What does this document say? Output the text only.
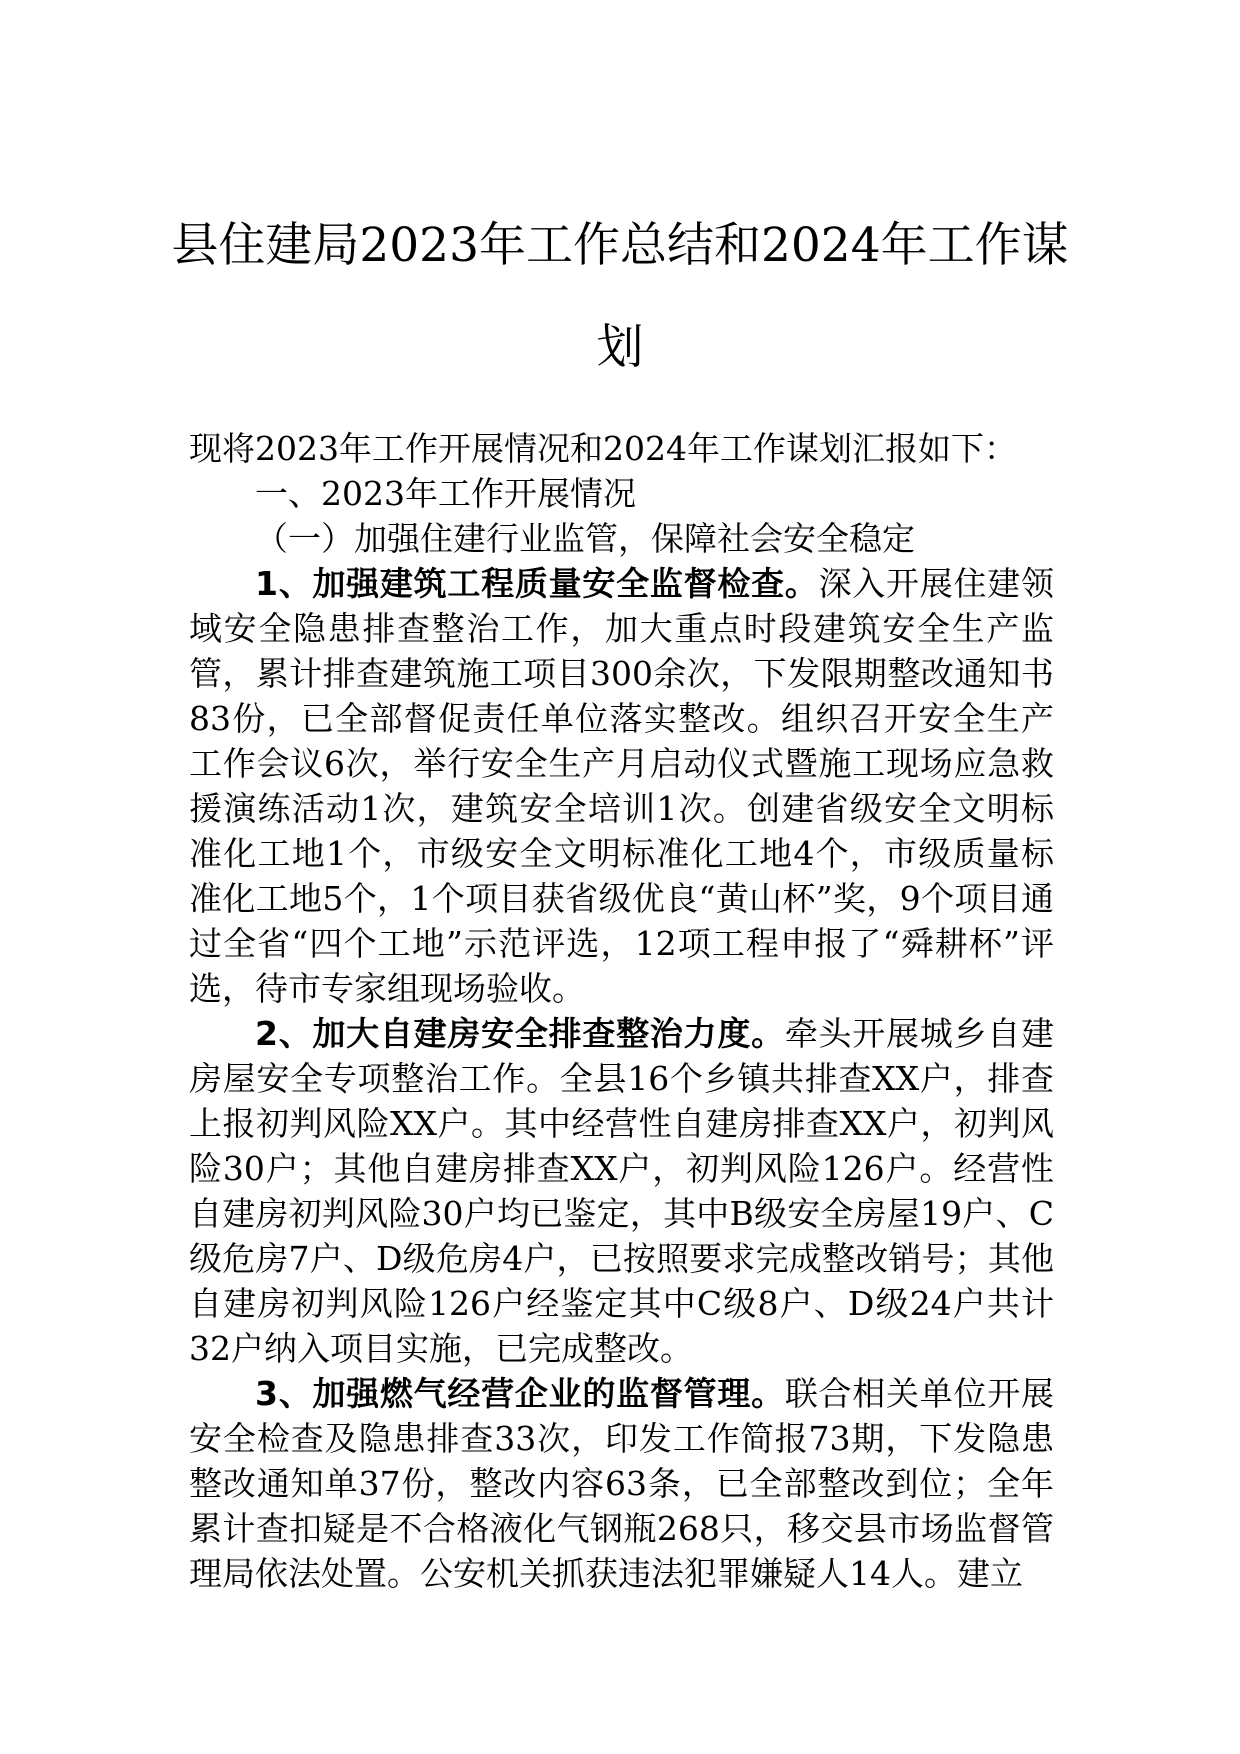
县住建局2023年工作总结和2024年工作谋划

现将2023年工作开展情况和2024年工作谋划汇报如下：

一、2023年工作开展情况

（一）加强住建行业监管，保障社会安全稳定

1、加强建筑工程质量安全监督检查。深入开展住建领域安全隐患排查整治工作，加大重点时段建筑安全生产监管，累计排查建筑施工项目300余次，下发限期整改通知书83份，已全部督促责任单位落实整改。组织召开安全生产工作会议6次，举行安全生产月启动仪式暨施工现场应急救援演练活动1次，建筑安全培训1次。创建省级安全文明标准化工地1个，市级安全文明标准化工地4个，市级质量标准化工地5个，1个项目获省级优良“黄山杯”奖，9个项目通过全省“四个工地”示范评选，12项工程申报了“舜耕杯”评选，待市专家组现场验收。

2、加大自建房安全排查整治力度。牵头开展城乡自建房屋安全专项整治工作。全县16个乡镇共排查XX户，排查上报初判风险XX户。其中经营性自建房排查XX户，初判风险30户；其他自建房排查XX户，初判风险126户。经营性自建房初判风险30户均已鉴定，其中B级安全房屋19户、C级危房7户、D级危房4户，已按照要求完成整改销号；其他自建房初判风险126户经鉴定其中C级8户、D级24户共计32户纳入项目实施，已完成整改。

3、加强燃气经营企业的监督管理。联合相关单位开展安全检查及隐患排查33次，印发工作简报73期，下发隐患整改通知单37份，整改内容63条，已全部整改到位；全年累计查扣疑是不合格液化气钢瓶268只，移交县市场监督管理局依法处置。公安机关抓获违法犯罪嫌疑人14人。建立
